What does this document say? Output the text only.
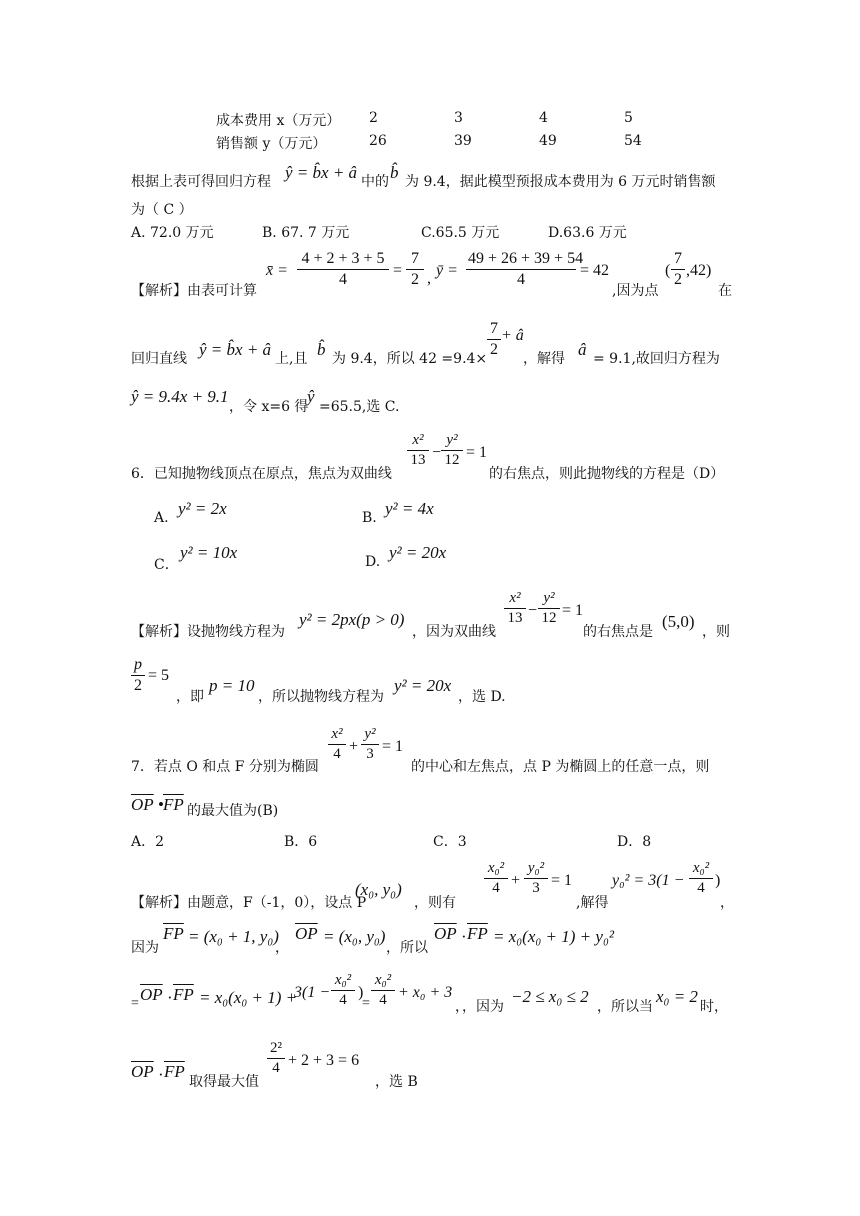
成本费用 x（万元） 2	3	4	5
销售额 y（万元）	26	39	49	54
根据上表可得回归方程 ŷ = b̂x + â 中的 b̂ 为 9.4，据此模型预报成本费用为 6 万元时销售额
为（ C ）
A. 72.0 万元	B. 67. 7 万元	C.65.5 万元	D.63.6 万元
【解析】 由表可计算
x̄ =
4 + 2 + 3 + 5
4
=
7
2 , ȳ =
49 + 26 + 39 + 54
4
= 42
,因为点
(
7
2
,42)
在
回归直线 ŷ = b̂x + â 上,且 b̂ 为 9.4，所以 42 =9.4×
7
2
+ â
，解得 â = 9.1,故回归方程为
ŷ = 9.4x + 9.1
，令 x=6 得
ŷ
=65.5,选 C.
6．已知抛物线顶点在原点，焦点为双曲线
x²
13 −
y²
12 = 1
的右焦点，则此抛物线的方程是（D）
A. y² = 2x	B. y² = 4x
C．
y² = 10x	D. y² = 20x
【解析】 设抛物线方程为
y² = 2px(p > 0)
，因为双曲线
x²
13 −
y²
12 = 1
的右焦点是
(5,0)
，则
p
2
= 5
，即
p = 10
，所以抛物线方程为
y² = 20x
，选 D.
7．若点 O 和点 F 分别为椭圆
x²
4 +
y²
3 = 1
的中心和左焦点，点 P 为椭圆上的任意一点，则
$\overline{OP}$ • $\overline{FP}$ 的最大值为(B)
A．2	B．6	C．3	D．8
【解析】 由题意，F（-1，0），设点 P
(x₀, y₀)
，则有
x₀²
4 +
y₀²
3 = 1
,解得
y₀² = 3(1 −
x₀²
4 )
，
因为
$\overline{FP} = (x_0 + 1$, y₀)
，
$\overline{OP} = (x_0$, y₀)
，所以
$\overline{OP} \cdot \overline{FP} = x_0(x_0 + 1) + y_0^2$
= $\overline{OP} \cdot \overline{FP} = x_0(x_0 + 1)$ +
3(1 −
x₀²
4 )
=
x₀²
4 + x₀ + 3
，，因为
−2 ≤ x₀ ≤ 2
，所以当
x₀ = 2
时，
$\overline{OP} \cdot \overline{FP}$
取得最大值
2²
4 + 2 + 3 = 6
，选 B
